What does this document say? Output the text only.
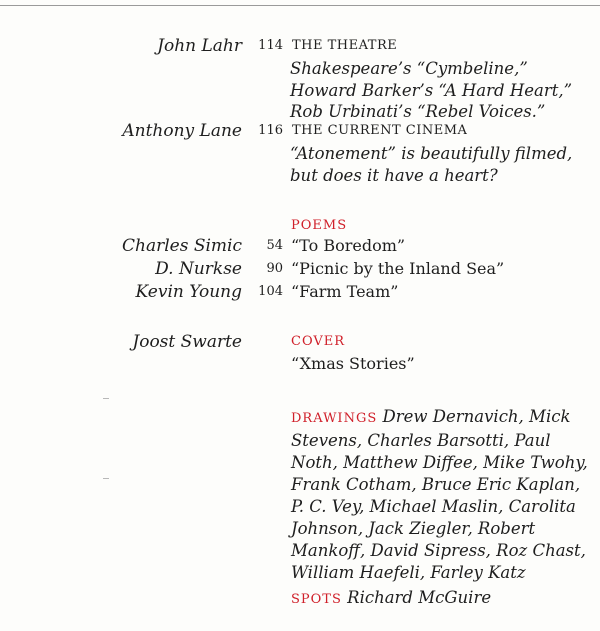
John Lahr	114 THE THEATRE
Shakespeare’s “Cymbeline,” Howard Barker’s “A Hard Heart,” Rob Urbinati’s “Rebel Voices.”
Anthony Lane	116 THE CURRENT CINEMA
“Atonement” is beautifully filmed, but does it have a heart?
POEMS
Charles Simic	54 “To Boredom”
D. Nurkse	90 “Picnic by the Inland Sea”
Kevin Young	104 “Farm Team”
Joost Swarte	COVER
“Xmas Stories”
DRAWINGS Drew Dernavich, Mick Stevens, Charles Barsotti, Paul Noth, Matthew Diffee, Mike Twohy, Frank Cotham, Bruce Eric Kaplan, P. C. Vey, Michael Maslin, Carolita Johnson, Jack Ziegler, Robert Mankoff, David Sipress, Roz Chast, William Haefeli, Farley Katz
SPOTS Richard McGuire
